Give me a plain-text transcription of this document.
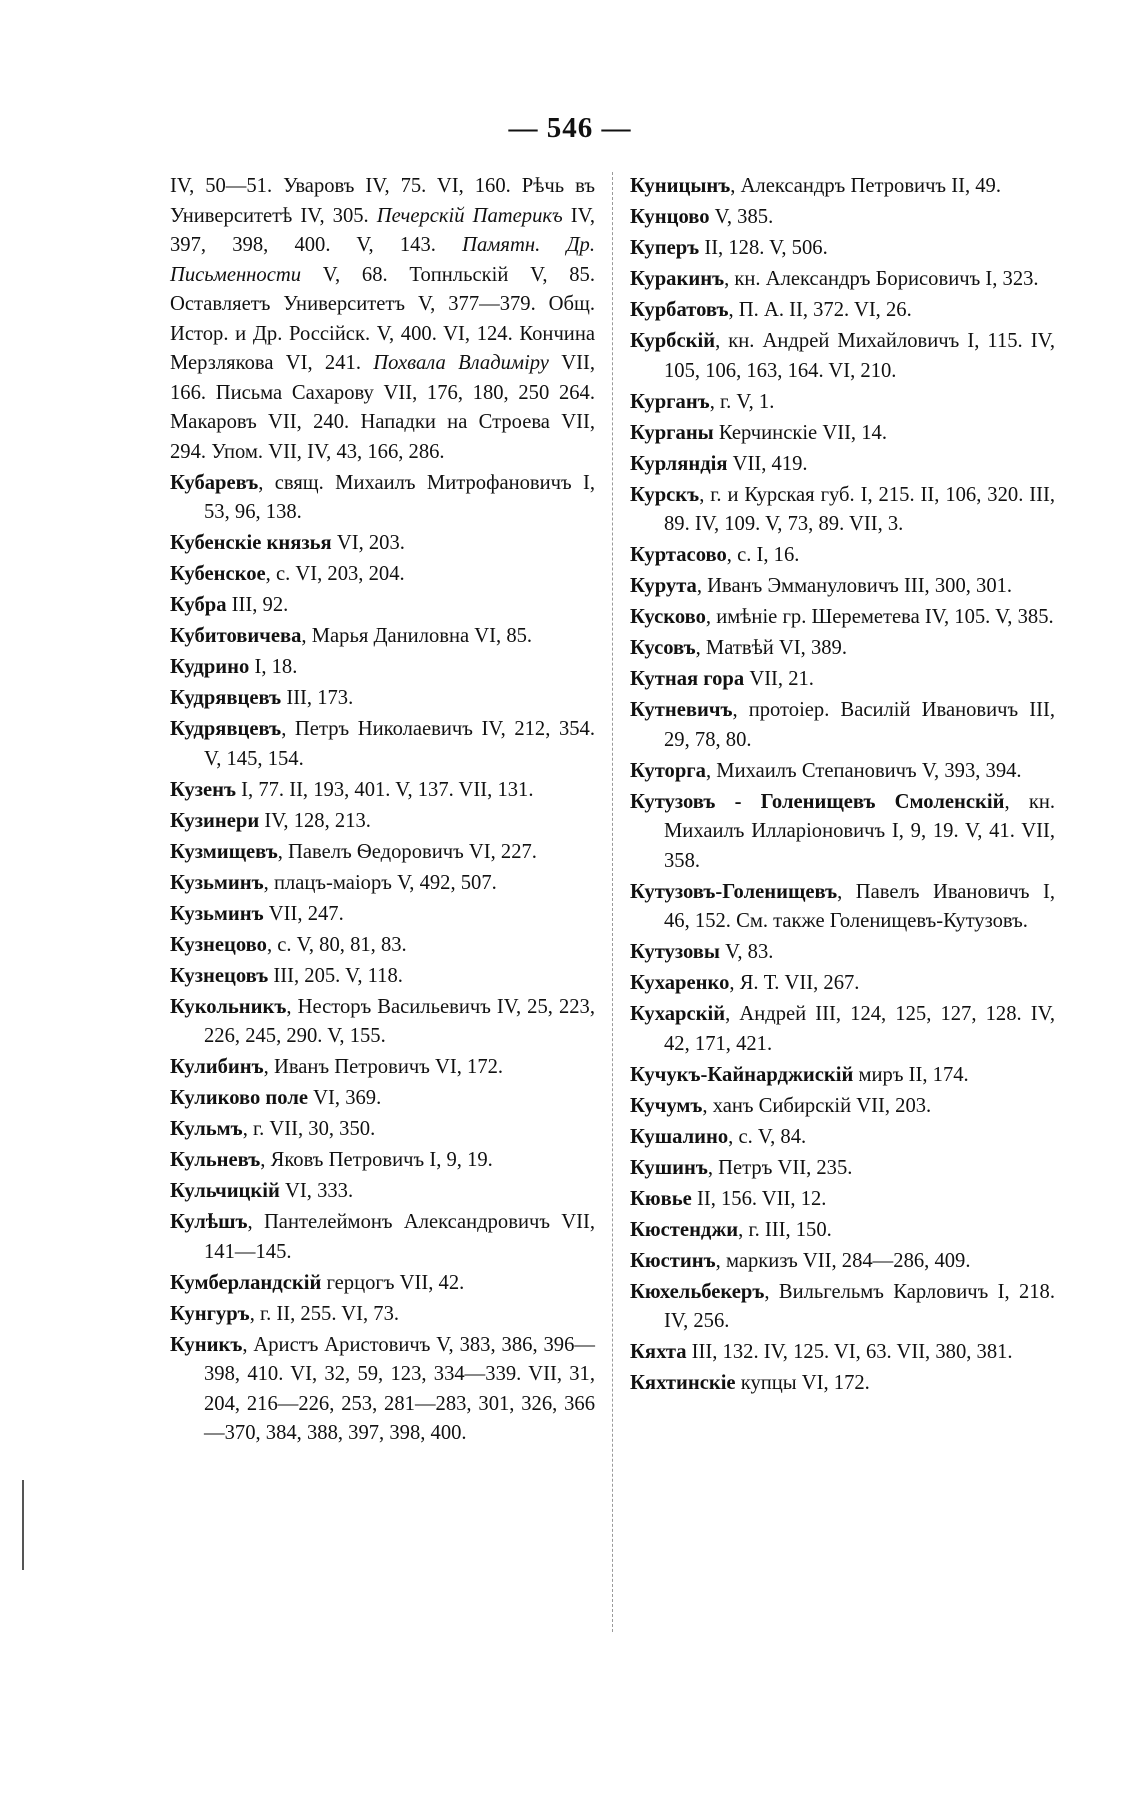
— 546 —

IV, 50—51. Уваровъ IV, 75. VI, 160. Рѣчь въ Университетѣ IV, 305. Печерскій Патерикъ IV, 397, 398, 400. V, 143. Памятн. Др. Письменности V, 68. Топнльскій V, 85. Оставляетъ Университетъ V, 377—379. Общ. Истор. и Др. Россійск. V, 400. VI, 124. Кончина Мерзлякова VI, 241. Похвала Владиміру VII, 166. Письма Сахарову VII, 176, 180, 250 264. Макаровъ VII, 240. Нападки на Строева VII, 294. Упом. VII, IV, 43, 166, 286.

Кубаревъ, свящ. Михаилъ Митрофановичъ I, 53, 96, 138.

Кубенскіе князья VI, 203.

Кубенское, с. VI, 203, 204.

Кубра III, 92.

Кубитовичева, Марья Даниловна VI, 85.

Кудрино I, 18.

Кудрявцевъ III, 173.

Кудрявцевъ, Петръ Николаевичъ IV, 212, 354. V, 145, 154.

Кузенъ I, 77. II, 193, 401. V, 137. VII, 131.

Кузинери IV, 128, 213.

Кузмищевъ, Павелъ Ѳедоровичъ VI, 227.

Кузьминъ, плацъ-маіоръ V, 492, 507.

Кузьминъ VII, 247.

Кузнецово, с. V, 80, 81, 83.

Кузнецовъ III, 205. V, 118.

Кукольникъ, Несторъ Васильевичъ IV, 25, 223, 226, 245, 290. V, 155.

Кулибинъ, Иванъ Петровичъ VI, 172.

Куликово поле VI, 369.

Кульмъ, г. VII, 30, 350.

Кульневъ, Яковъ Петровичъ I, 9, 19.

Кульчицкій VI, 333.

Кулѣшъ, Пантелеймонъ Александровичъ VII, 141—145.

Кумберландскій герцогъ VII, 42.

Кунгуръ, г. II, 255. VI, 73.

Куникъ, Аристъ Аристовичъ V, 383, 386, 396—398, 410. VI, 32, 59, 123, 334—339. VII, 31, 204, 216—226, 253, 281—283, 301, 326, 366—370, 384, 388, 397, 398, 400.

Куницынъ, Александръ Петровичъ II, 49.

Кунцово V, 385.

Куперъ II, 128. V, 506.

Куракинъ, кн. Александръ Борисовичъ I, 323.

Курбатовъ, П. А. II, 372. VI, 26.

Курбскій, кн. Андрей Михайловичъ I, 115. IV, 105, 106, 163, 164. VI, 210.

Курганъ, г. V, 1.

Курганы Керчинскіе VII, 14.

Курляндія VII, 419.

Курскъ, г. и Курская губ. I, 215. II, 106, 320. III, 89. IV, 109. V, 73, 89. VII, 3.

Куртаcово, с. I, 16.

Курута, Иванъ Эммануловичъ III, 300, 301.

Кусково, имѣніе гр. Шереметева IV, 105. V, 385.

Кусовъ, Матвѣй VI, 389.

Кутная гора VII, 21.

Кутневичъ, протоіер. Василій Ивановичъ III, 29, 78, 80.

Куторга, Михаилъ Степановичъ V, 393, 394.

Кутузовъ - Голенищевъ Смоленскій, кн. Михаилъ Илларіоновичъ I, 9, 19. V, 41. VII, 358.

Кутузовъ-Голенищевъ, Павелъ Ивановичъ I, 46, 152. См. также Голенищевъ-Кутузовъ.

Кутузовы V, 83.

Кухаренко, Я. Т. VII, 267.

Кухарскій, Андрей III, 124, 125, 127, 128. IV, 42, 171, 421.

Кучукъ-Кайнарджискій миръ II, 174.

Кучумъ, ханъ Сибирскій VII, 203.

Кушалино, с. V, 84.

Кушинъ, Петръ VII, 235.

Кювье II, 156. VII, 12.

Кюстенджи, г. III, 150.

Кюстинъ, маркизъ VII, 284—286, 409.

Кюхельбекеръ, Вильгельмъ Карловичъ I, 218. IV, 256.

Кяхта III, 132. IV, 125. VI, 63. VII, 380, 381.

Кяхтинскіе купцы VI, 172.
